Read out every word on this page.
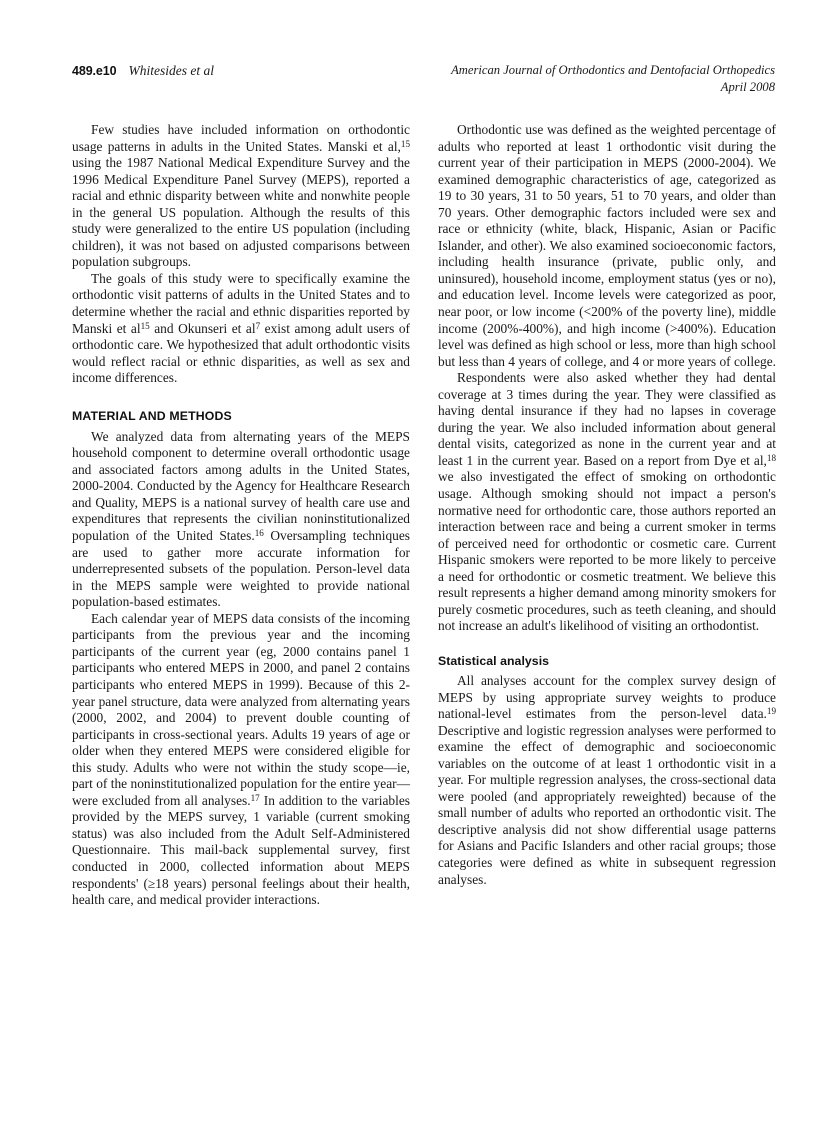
489.e10 Whitesides et al	American Journal of Orthodontics and Dentofacial Orthopedics
April 2008

Few studies have included information on orthodontic usage patterns in adults in the United States. Manski et al,$^{15}$ using the 1987 National Medical Expenditure Survey and the 1996 Medical Expenditure Panel Survey (MEPS), reported a racial and ethnic disparity between white and nonwhite people in the general US population. Although the results of this study were generalized to the entire US population (including children), it was not based on adjusted comparisons between population subgroups.

The goals of this study were to specifically examine the orthodontic visit patterns of adults in the United States and to determine whether the racial and ethnic disparities reported by Manski et $al^{15}$ and Okunseri et $al^7$ exist among adult users of orthodontic care. We hypothesized that adult orthodontic visits would reflect racial or ethnic disparities, as well as sex and income differences.

MATERIAL AND METHODS

We analyzed data from alternating years of the MEPS household component to determine overall orthodontic usage and associated factors among adults in the United States, 2000-2004. Conducted by the Agency for Healthcare Research and Quality, MEPS is a national survey of health care use and expenditures that represents the civilian noninstitutionalized population of the United States.$^{16}$ Oversampling techniques are used to gather more accurate information for underrepresented subsets of the population. Person-level data in the MEPS sample were weighted to provide national population-based estimates.

Each calendar year of MEPS data consists of the incoming participants from the previous year and the incoming participants of the current year (eg, 2000 contains panel 1 participants who entered MEPS in 2000, and panel 2 contains participants who entered MEPS in 1999). Because of this 2-year panel structure, data were analyzed from alternating years (2000, 2002, and 2004) to prevent double counting of participants in cross-sectional years. Adults 19 years of age or older when they entered MEPS were considered eligible for this study. Adults who were not within the study scope—ie, part of the noninstitutionalized population for the entire year—were excluded from all analyses.$^{17}$ In addition to the variables provided by the MEPS survey, 1 variable (current smoking status) was also included from the Adult Self-Administered Questionnaire. This mail-back supplemental survey, first conducted in 2000, collected information about MEPS respondents' (≥18 years) personal feelings about their health, health care, and medical provider interactions.

Orthodontic use was defined as the weighted percentage of adults who reported at least 1 orthodontic visit during the current year of their participation in MEPS (2000-2004). We examined demographic characteristics of age, categorized as 19 to 30 years, 31 to 50 years, 51 to 70 years, and older than 70 years. Other demographic factors included were sex and race or ethnicity (white, black, Hispanic, Asian or Pacific Islander, and other). We also examined socioeconomic factors, including health insurance (private, public only, and uninsured), household income, employment status (yes or no), and education level. Income levels were categorized as poor, near poor, or low income (<200% of the poverty line), middle income (200%-400%), and high income (>400%). Education level was defined as high school or less, more than high school but less than 4 years of college, and 4 or more years of college.

Respondents were also asked whether they had dental coverage at 3 times during the year. They were classified as having dental insurance if they had no lapses in coverage during the year. We also included information about general dental visits, categorized as none in the current year and at least 1 in the current year. Based on a report from Dye et al,$^{18}$ we also investigated the effect of smoking on orthodontic usage. Although smoking should not impact a person's normative need for orthodontic care, those authors reported an interaction between race and being a current smoker in terms of perceived need for orthodontic or cosmetic care. Current Hispanic smokers were reported to be more likely to perceive a need for orthodontic or cosmetic treatment. We believe this result represents a higher demand among minority smokers for purely cosmetic procedures, such as teeth cleaning, and should not increase an adult's likelihood of visiting an orthodontist.

Statistical analysis

All analyses account for the complex survey design of MEPS by using appropriate survey weights to produce national-level estimates from the person-level data.$^{19}$ Descriptive and logistic regression analyses were performed to examine the effect of demographic and socioeconomic variables on the outcome of at least 1 orthodontic visit in a year. For multiple regression analyses, the cross-sectional data were pooled (and appropriately reweighted) because of the small number of adults who reported an orthodontic visit. The descriptive analysis did not show differential usage patterns for Asians and Pacific Islanders and other racial groups; those categories were defined as white in subsequent regression analyses.
